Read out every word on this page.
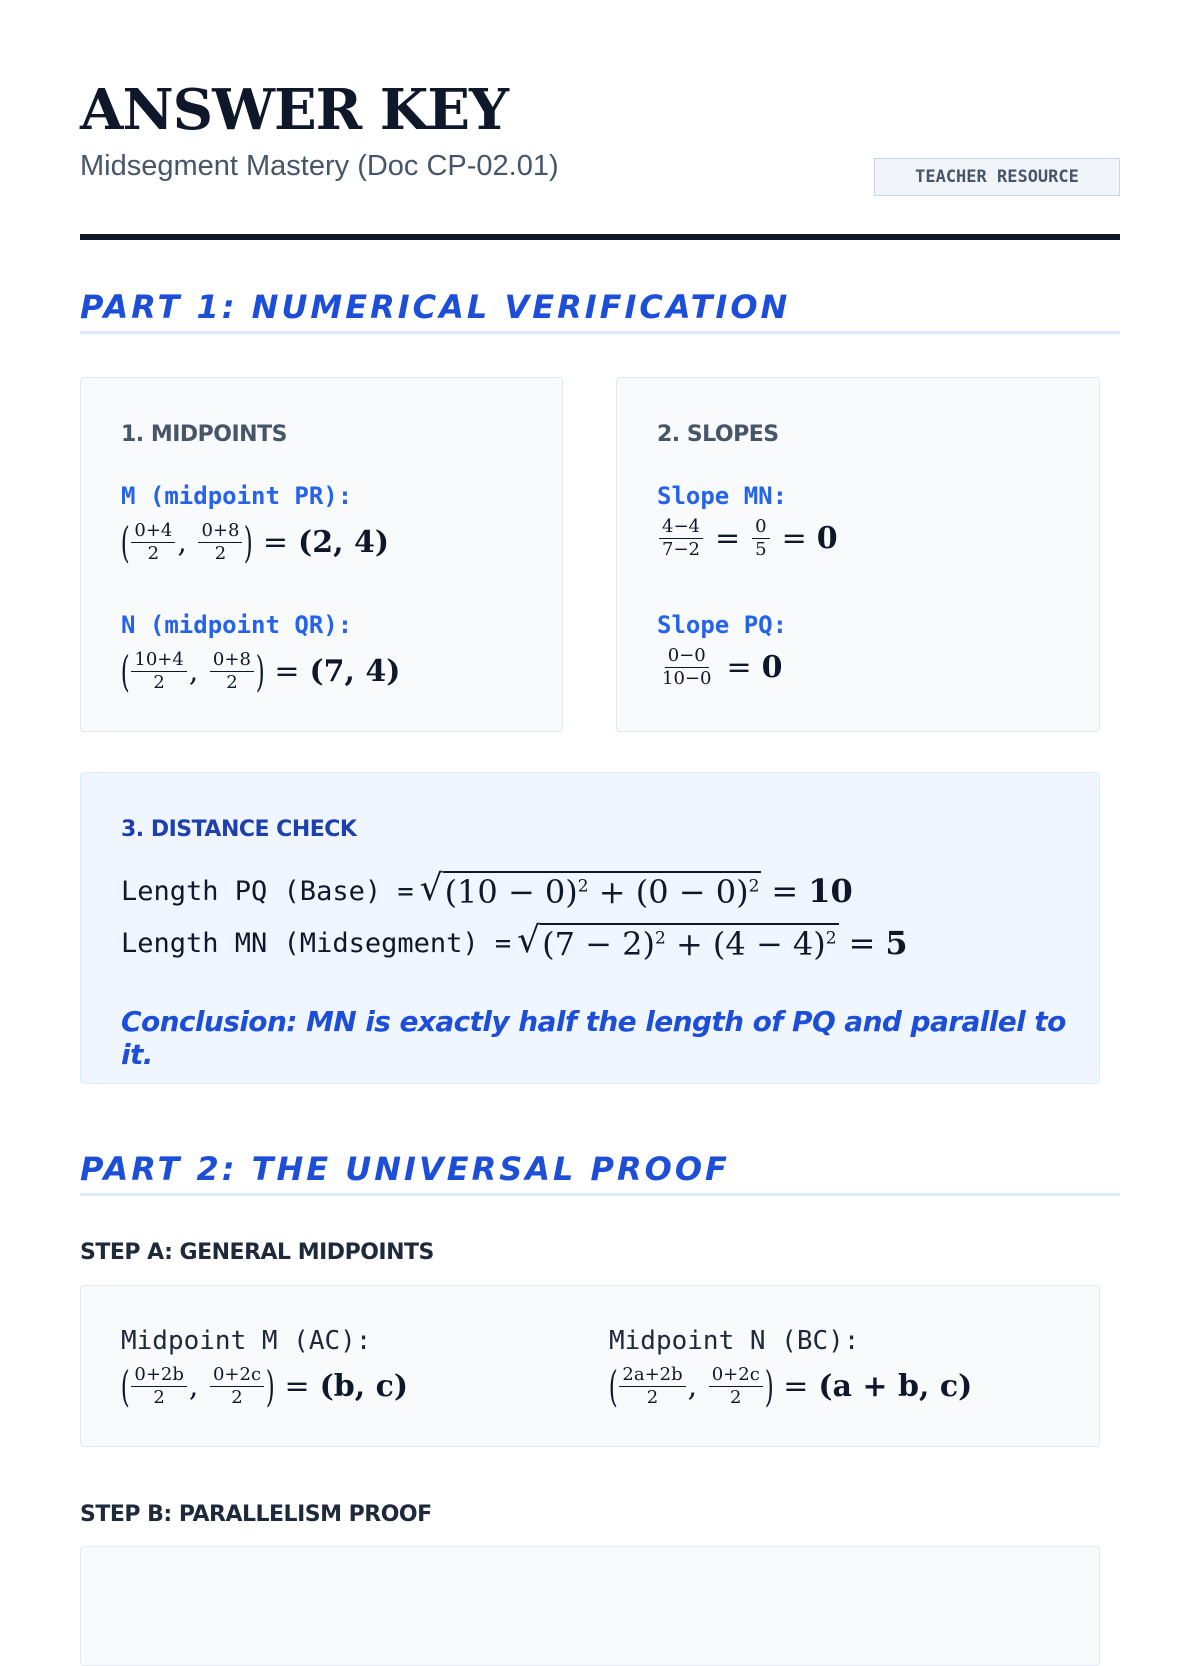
ANSWER KEY
Midsegment Mastery (Doc CP-02.01)	TEACHER RESOURCE
PART 1: NUMERICAL VERIFICATION
1. MIDPOINTS
M (midpoint PR):
( $\frac{0+4}{2}$ , $\frac{0+8}{2}$ ) = (2, 4)
N (midpoint QR):
( $\frac{10+4}{2}$ , $\frac{0+8}{2}$ ) = (7, 4)
2. SLOPES
Slope MN:
$\frac{4-4}{7-2} = \frac{0}{5} = 0$
Slope PQ:
$\frac{0-0}{10-0} = 0$
3. DISTANCE CHECK
Length PQ (Base) = √ $(10 - 0)^2 + (0 - 0)^2 = 10$
Length MN (Midsegment) = √ $(7 - 2)^2 + (4 - 4)^2 = 5$
Conclusion: MN is exactly half the length of PQ and parallel to it.
PART 2: THE UNIVERSAL PROOF
STEP A: GENERAL MIDPOINTS
Midpoint M (AC):
( $\frac{0+2b}{2}$ , $\frac{0+2c}{2}$ ) = (b, c)
Midpoint N (BC):
( $\frac{2a+2b}{2}$ , $\frac{0+2c}{2}$ ) = (a + b, c)
STEP B: PARALLELISM PROOF
